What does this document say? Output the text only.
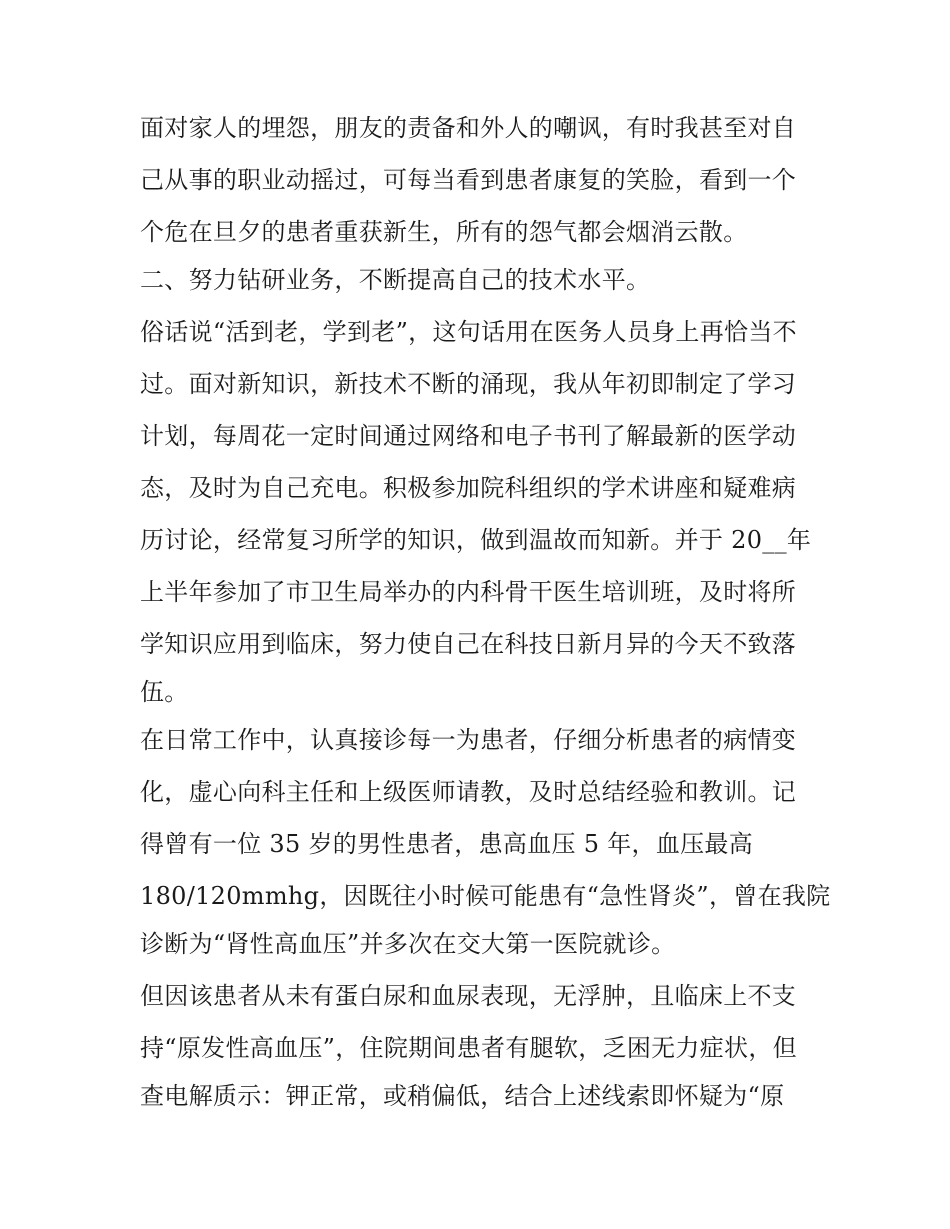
面对家人的埋怨，朋友的责备和外人的嘲讽，有时我甚至对自
己从事的职业动摇过，可每当看到患者康复的笑脸，看到一个
个危在旦夕的患者重获新生，所有的怨气都会烟消云散。
二、努力钻研业务，不断提高自己的技术水平。
俗话说“活到老，学到老”，这句话用在医务人员身上再恰当不
过。面对新知识，新技术不断的涌现，我从年初即制定了学习
计划，每周花一定时间通过网络和电子书刊了解最新的医学动
态，及时为自己充电。积极参加院科组织的学术讲座和疑难病
历讨论，经常复习所学的知识，做到温故而知新。并于 20__年
上半年参加了市卫生局举办的内科骨干医生培训班，及时将所
学知识应用到临床，努力使自己在科技日新月异的今天不致落
伍。
在日常工作中，认真接诊每一为患者，仔细分析患者的病情变
化，虚心向科主任和上级医师请教，及时总结经验和教训。记
得曾有一位 35 岁的男性患者，患高血压 5 年，血压最高
180/120mmhg，因既往小时候可能患有“急性肾炎”，曾在我院
诊断为“肾性高血压”并多次在交大第一医院就诊。
但因该患者从未有蛋白尿和血尿表现，无浮肿，且临床上不支
持“原发性高血压”，住院期间患者有腿软，乏困无力症状，但
查电解质示：钾正常，或稍偏低，结合上述线索即怀疑为“原
